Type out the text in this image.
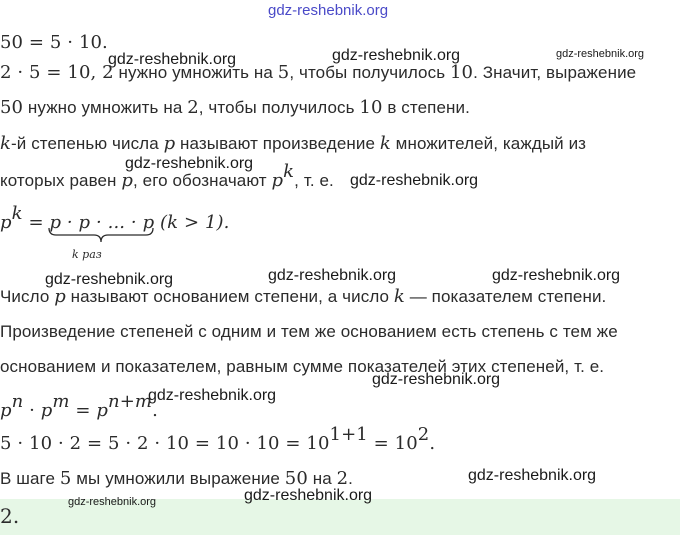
gdz-reshebnik.org
gdz-reshebnik.org	gdz-reshebnik.org	gdz-reshebnik.org
gdz-reshebnik.org
gdz-reshebnik.org
gdz-reshebnik.org	gdz-reshebnik.org	gdz-reshebnik.org
gdz-reshebnik.org
gdz-reshebnik.org
gdz-reshebnik.org
gdz-reshebnik.org	gdz-reshebnik.org
50 = 5 · 10.
2 · 5 = 10, 2 нужно умножить на 5, чтобы получилось 10. Значит, выражение
50 нужно умножить на 2, чтобы получилось 10 в степени.
k-й степенью числа p называют произведение k множителей, каждый из
которых равен p, его обозначают $p^k$, т. е.
$p^k = p \cdot p$ · ... · p (k > 1).
k раз
Число p называют основанием степени, а число k — показателем степени.
Произведение степеней с одним и тем же основанием есть степень с тем же
основанием и показателем, равным сумме показателей этих степеней, т. е.
$p^n \cdot p^m = p^{n+m}$.
$5 \cdot 10 \cdot 2 = 5 \cdot 2 \cdot 10 = 10 \cdot 10 = 10^{1+1} = 10^2$.
В шаге 5 мы умножили выражение 50 на 2.
2.
